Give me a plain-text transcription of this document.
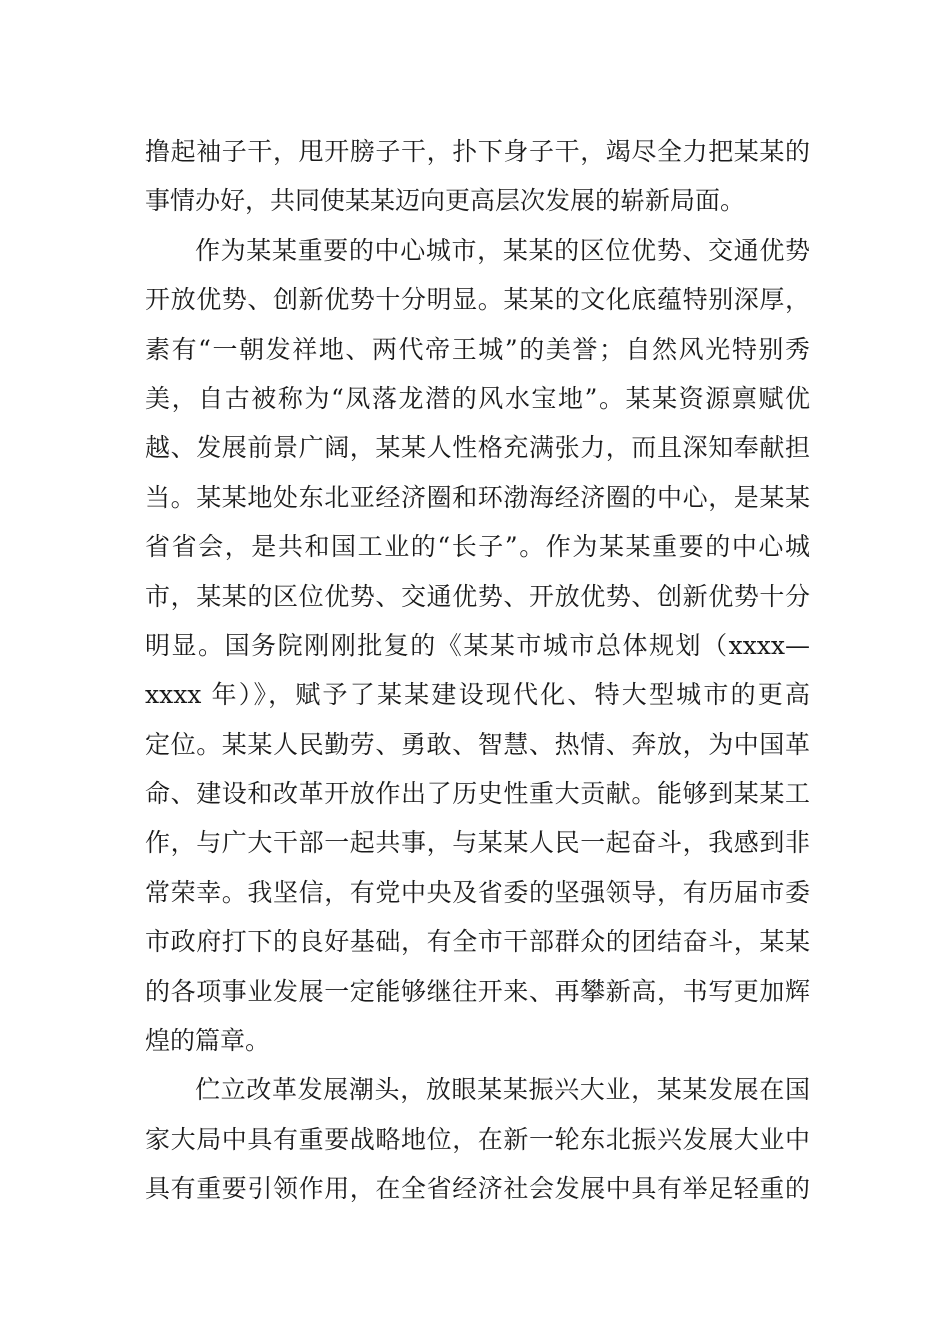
撸起袖子干，甩开膀子干，扑下身子干，竭尽全力把某某的
事情办好，共同使某某迈向更高层次发展的崭新局面。
作为某某重要的中心城市，某某的区位优势、交通优势
开放优势、创新优势十分明显。某某的文化底蕴特别深厚，
素有“一朝发祥地、两代帝王城”的美誉；自然风光特别秀
美，自古被称为“凤落龙潜的风水宝地”。某某资源禀赋优
越、发展前景广阔，某某人性格充满张力，而且深知奉献担
当。某某地处东北亚经济圈和环渤海经济圈的中心，是某某
省省会，是共和国工业的“长子”。作为某某重要的中心城
市，某某的区位优势、交通优势、开放优势、创新优势十分
明显。国务院刚刚批复的《某某市城市总体规划（xxxx—
xxxx 年）》，赋予了某某建设现代化、特大型城市的更高
定位。某某人民勤劳、勇敢、智慧、热情、奔放，为中国革
命、建设和改革开放作出了历史性重大贡献。能够到某某工
作，与广大干部一起共事，与某某人民一起奋斗，我感到非
常荣幸。我坚信，有党中央及省委的坚强领导，有历届市委
市政府打下的良好基础，有全市干部群众的团结奋斗，某某
的各项事业发展一定能够继往开来、再攀新高，书写更加辉
煌的篇章。
伫立改革发展潮头，放眼某某振兴大业，某某发展在国
家大局中具有重要战略地位，在新一轮东北振兴发展大业中
具有重要引领作用，在全省经济社会发展中具有举足轻重的
